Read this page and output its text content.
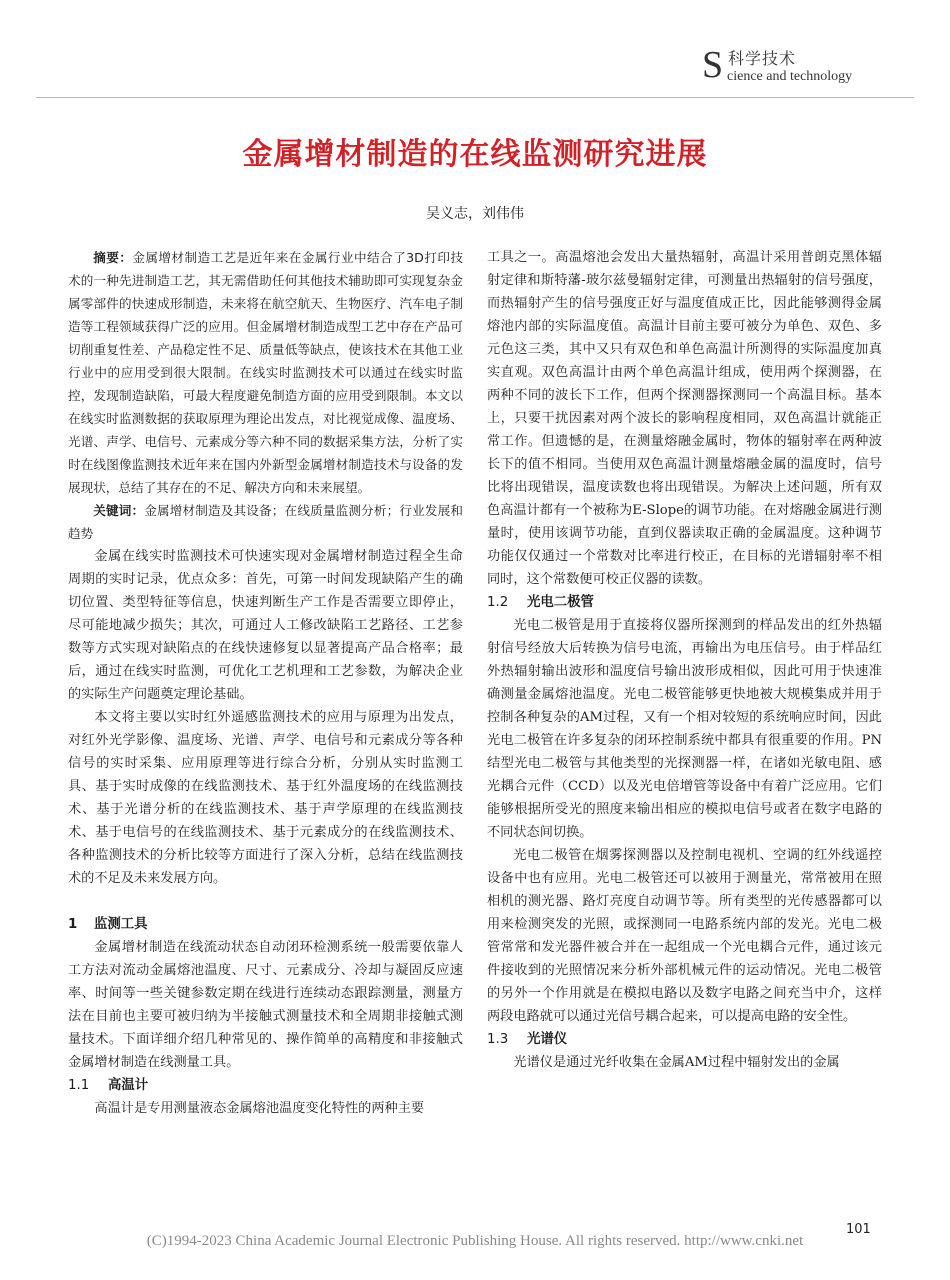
S 科学技术
cience and technology
金属增材制造的在线监测研究进展
吴义志，刘伟伟

摘要：金属增材制造工艺是近年来在金属行业中结合了3D打印技术的一种先进制造工艺，其无需借助任何其他技术辅助即可实现复杂金属零部件的快速成形制造，未来将在航空航天、生物医疗、汽车电子制造等工程领域获得广泛的应用。但金属增材制造成型工艺中存在产品可切削重复性差、产品稳定性不足、质量低等缺点，使该技术在其他工业行业中的应用受到很大限制。在线实时监测技术可以通过在线实时监控，发现制造缺陷，可最大程度避免制造方面的应用受到限制。本文以在线实时监测数据的获取原理为理论出发点，对比视觉成像、温度场、光谱、声学、电信号、元素成分等六种不同的数据采集方法，分析了实时在线图像监测技术近年来在国内外新型金属增材制造技术与设备的发展现状，总结了其存在的不足、解决方向和未来展望。

关键词：金属增材制造及其设备；在线质量监测分析；行业发展和趋势

金属在线实时监测技术可快速实现对金属增材制造过程全生命周期的实时记录，优点众多：首先，可第一时间发现缺陷产生的确切位置、类型特征等信息，快速判断生产工作是否需要立即停止，尽可能地减少损失；其次，可通过人工修改缺陷工艺路径、工艺参数等方式实现对缺陷点的在线快速修复以显著提高产品合格率；最后，通过在线实时监测，可优化工艺机理和工艺参数，为解决企业的实际生产问题奠定理论基础。

本文将主要以实时红外遥感监测技术的应用与原理为出发点，对红外光学影像、温度场、光谱、声学、电信号和元素成分等各种信号的实时采集、应用原理等进行综合分析，分别从实时监测工具、基于实时成像的在线监测技术、基于红外温度场的在线监测技术、基于光谱分析的在线监测技术、基于声学原理的在线监测技术、基于电信号的在线监测技术、基于元素成分的在线监测技术、各种监测技术的分析比较等方面进行了深入分析，总结在线监测技术的不足及未来发展方向。

1 监测工具

金属增材制造在线流动状态自动闭环检测系统一般需要依靠人工方法对流动金属熔池温度、尺寸、元素成分、冷却与凝固反应速率、时间等一些关键参数定期在线进行连续动态跟踪测量，测量方法在目前也主要可被归纳为半接触式测量技术和全周期非接触式测量技术。下面详细介绍几种常见的、操作简单的高精度和非接触式金属增材制造在线测量工具。

1.1 高温计

高温计是专用测量液态金属熔池温度变化特性的两种主要

工具之一。高温熔池会发出大量热辐射，高温计采用普朗克黑体辐射定律和斯特藩-玻尔兹曼辐射定律，可测量出热辐射的信号强度，而热辐射产生的信号强度正好与温度值成正比，因此能够测得金属熔池内部的实际温度值。高温计目前主要可被分为单色、双色、多元色这三类，其中又只有双色和单色高温计所测得的实际温度加真实直观。双色高温计由两个单色高温计组成，使用两个探测器，在两种不同的波长下工作，但两个探测器探测同一个高温目标。基本上，只要干扰因素对两个波长的影响程度相同，双色高温计就能正常工作。但遗憾的是，在测量熔融金属时，物体的辐射率在两种波长下的值不相同。当使用双色高温计测量熔融金属的温度时，信号比将出现错误，温度读数也将出现错误。为解决上述问题，所有双色高温计都有一个被称为E-Slope的调节功能。在对熔融金属进行测量时，使用该调节功能，直到仪器读取正确的金属温度。这种调节功能仅仅通过一个常数对比率进行校正，在目标的光谱辐射率不相同时，这个常数便可校正仪器的读数。

1.2 光电二极管

光电二极管是用于直接将仪器所探测到的样品发出的红外热辐射信号经放大后转换为信号电流，再输出为电压信号。由于样品红外热辐射输出波形和温度信号输出波形成相似，因此可用于快速准确测量金属熔池温度。光电二极管能够更快地被大规模集成并用于控制各种复杂的AM过程，又有一个相对较短的系统响应时间，因此光电二极管在许多复杂的闭环控制系统中都具有很重要的作用。PN结型光电二极管与其他类型的光探测器一样，在诸如光敏电阻、感光耦合元件（CCD）以及光电倍增管等设备中有着广泛应用。它们能够根据所受光的照度来输出相应的模拟电信号或者在数字电路的不同状态间切换。

光电二极管在烟雾探测器以及控制电视机、空调的红外线遥控设备中也有应用。光电二极管还可以被用于测量光，常常被用在照相机的测光器、路灯亮度自动调节等。所有类型的光传感器都可以用来检测突发的光照，或探测同一电路系统内部的发光。光电二极管常常和发光器件被合并在一起组成一个光电耦合元件，通过该元件接收到的光照情况来分析外部机械元件的运动情况。光电二极管的另外一个作用就是在模拟电路以及数字电路之间充当中介，这样两段电路就可以通过光信号耦合起来，可以提高电路的安全性。

1.3 光谱仪

光谱仪是通过光纤收集在金属AM过程中辐射发出的金属

101
(C)1994-2023 China Academic Journal Electronic Publishing House. All rights reserved. http://www.cnki.net
